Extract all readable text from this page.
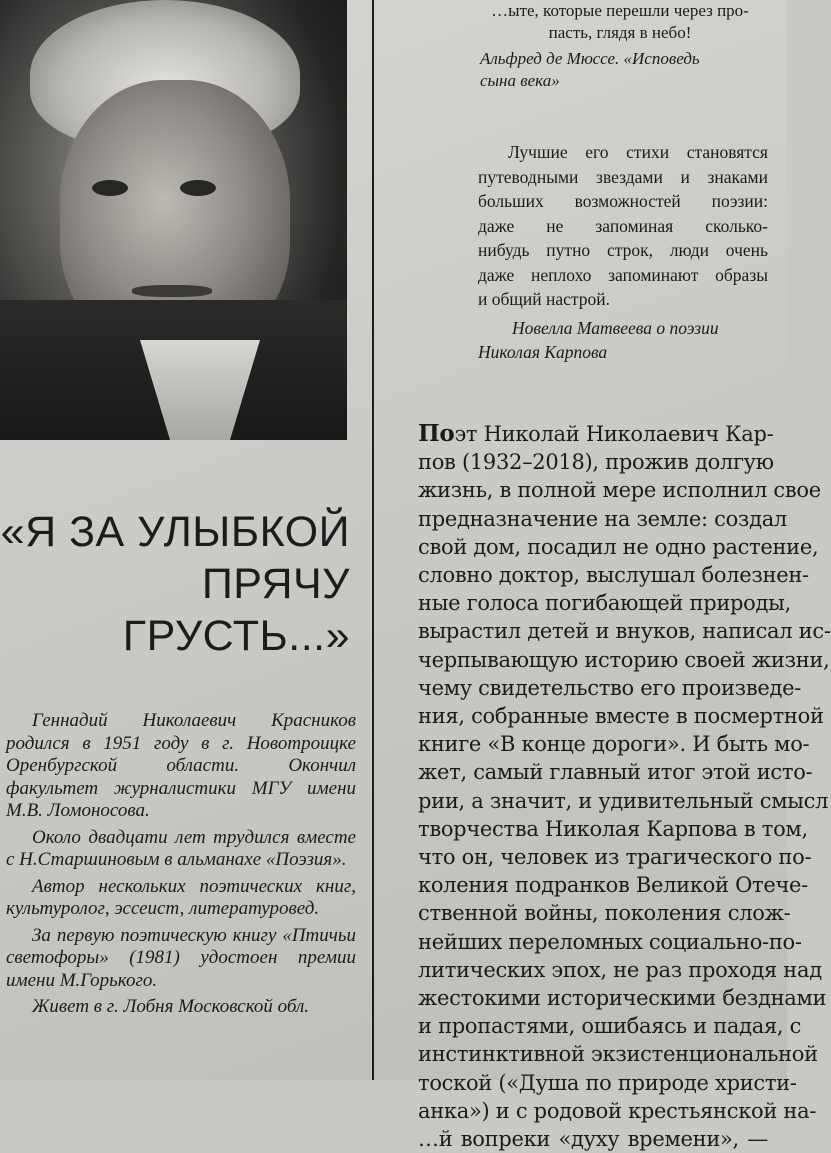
«Я ЗА УЛЫБКОЙ
ПРЯЧУ
ГРУСТЬ...»

Геннадий Николаевич Красников родился в 1951 году в г. Новотроицке Оренбургской области. Окончил факультет журналистики МГУ имени М.В. Ломоносова.

Около двадцати лет трудился вместе с Н.Старшиновым в альманахе «Поэзия».

Автор нескольких поэтических книг, культуролог, эссеист, литературовед.

За первую поэтическую книгу «Птичьи светофоры» (1981) удостоен премии имени М.Горького.

Живет в г. Лобня Московской обл.

…ыте, которые перешли через про-
пасть, глядя в небо!
Альфред де Мюссе. «Исповедь
сына века»

Лучшие его стихи становятся
путеводными звездами и знаками
больших возможностей поэзии:
даже не запоминая сколько-
нибудь путно строк, люди очень
даже неплохо запоминают образы
и общий настрой.

Новелла Матвеева о поэзии
Николая Карпова
Поэт Николай Николаевич Кар-
пов (1932–2018), прожив долгую
жизнь, в полной мере исполнил свое
предназначение на земле: создал
свой дом, посадил не одно растение,
словно доктор, выслушал болезнен-
ные голоса погибающей природы,
вырастил детей и внуков, написал ис-
черпывающую историю своей жизни,
чему свидетельство его произведе-
ния, собранные вместе в посмертной
книге «В конце дороги». И быть мо-
жет, самый главный итог этой исто-
рии, а значит, и удивительный смысл
творчества Николая Карпова в том,
что он, человек из трагического по-
коления подранков Великой Отече-
ственной войны, поколения слож-
нейших переломных социально-по-
литических эпох, не раз проходя над
жестокими историческими безднами
и пропастями, ошибаясь и падая, с
инстинктивной экзистенциональной
тоской («Душа по природе христи-
анка») и с родовой крестьянской на-
…й вопреки «духу времени», —
